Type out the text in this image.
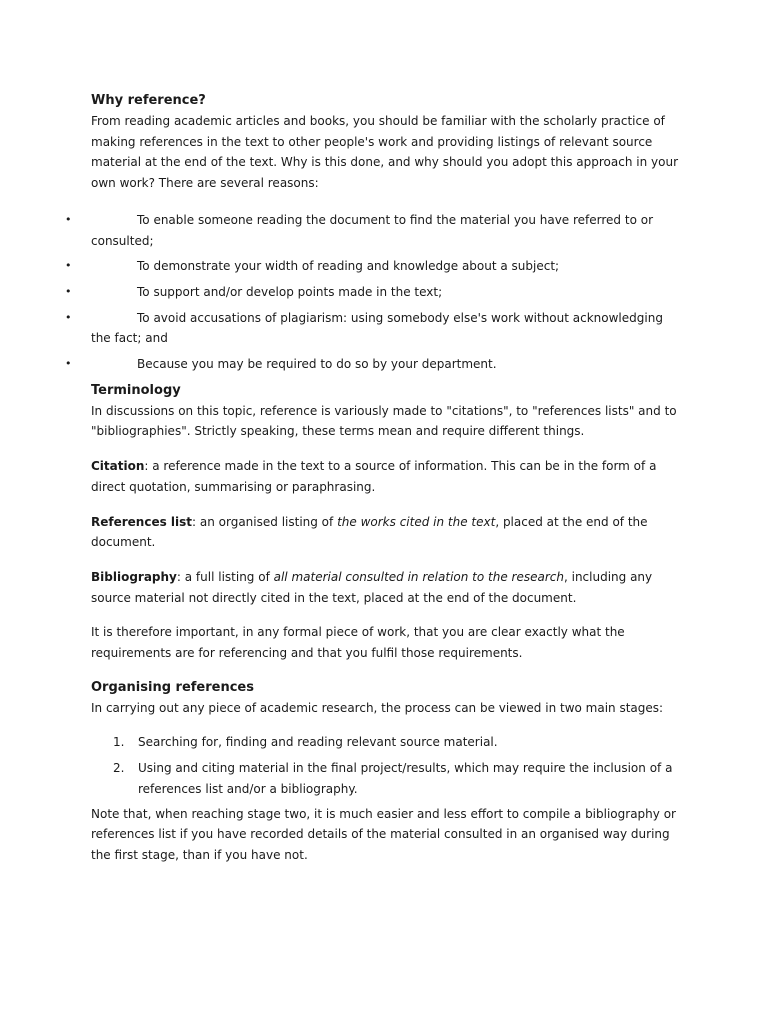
Why reference?

From reading academic articles and books, you should be familiar with the scholarly practice of making references in the text to other people's work and providing listings of relevant source material at the end of the text. Why is this done, and why should you adopt this approach in your own work? There are several reasons:

•	To enable someone reading the document to find the material you have referred to or consulted;
•	To demonstrate your width of reading and knowledge about a subject;
•	To support and/or develop points made in the text;
•	To avoid accusations of plagiarism: using somebody else's work without acknowledging the fact; and
•	Because you may be required to do so by your department.
Terminology

In discussions on this topic, reference is variously made to "citations", to "references lists" and to "bibliographies". Strictly speaking, these terms mean and require different things.

Citation: a reference made in the text to a source of information. This can be in the form of a direct quotation, summarising or paraphrasing.

References list: an organised listing of the works cited in the text, placed at the end of the document.

Bibliography: a full listing of all material consulted in relation to the research, including any source material not directly cited in the text, placed at the end of the document.

It is therefore important, in any formal piece of work, that you are clear exactly what the requirements are for referencing and that you fulfil those requirements.

Organising references

In carrying out any piece of academic research, the process can be viewed in two main stages:

1. Searching for, finding and reading relevant source material.
2. Using and citing material in the final project/results, which may require the inclusion of a references list and/or a bibliography.

Note that, when reaching stage two, it is much easier and less effort to compile a bibliography or references list if you have recorded details of the material consulted in an organised way during the first stage, than if you have not.
